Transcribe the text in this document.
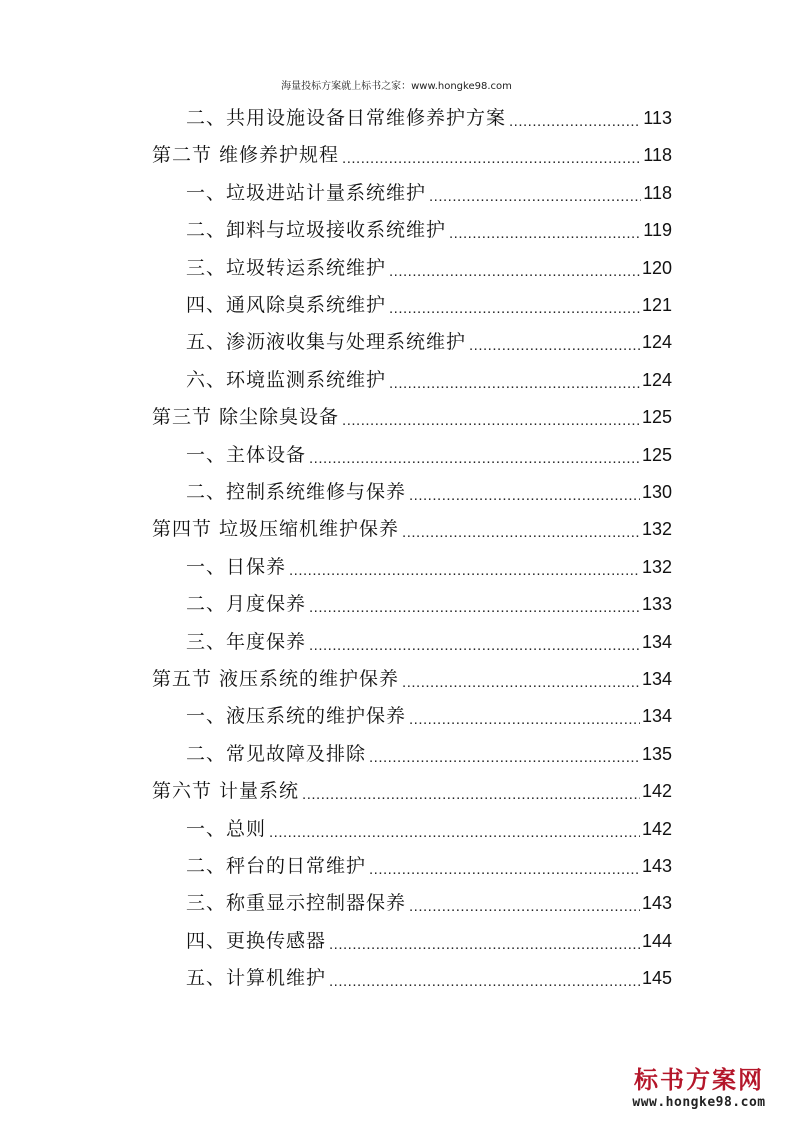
海量投标方案就上标书之家：www.hongke98.com
二、共用设施设备日常维修养护方案 .....	113
第二节 维修养护规程 .....	118
一、垃圾进站计量系统维护 .....	118
二、卸料与垃圾接收系统维护 .....	119
三、垃圾转运系统维护 .....	120
四、通风除臭系统维护 .....	121
五、渗沥液收集与处理系统维护 .....	124
六、环境监测系统维护 .....	124
第三节 除尘除臭设备 .....	125
一、主体设备 .....	125
二、控制系统维修与保养 .....	130
第四节 垃圾压缩机维护保养 .....	132
一、日保养 .....	132
二、月度保养 .....	133
三、年度保养 .....	134
第五节 液压系统的维护保养 .....	134
一、液压系统的维护保养 .....	134
二、常见故障及排除 .....	135
第六节 计量系统 .....	142
一、总则 .....	142
二、秤台的日常维护 .....	143
三、称重显示控制器保养 .....	143
四、更换传感器 .....	144
五、计算机维护 .....	145
标书方案网
www.hongke98.com
